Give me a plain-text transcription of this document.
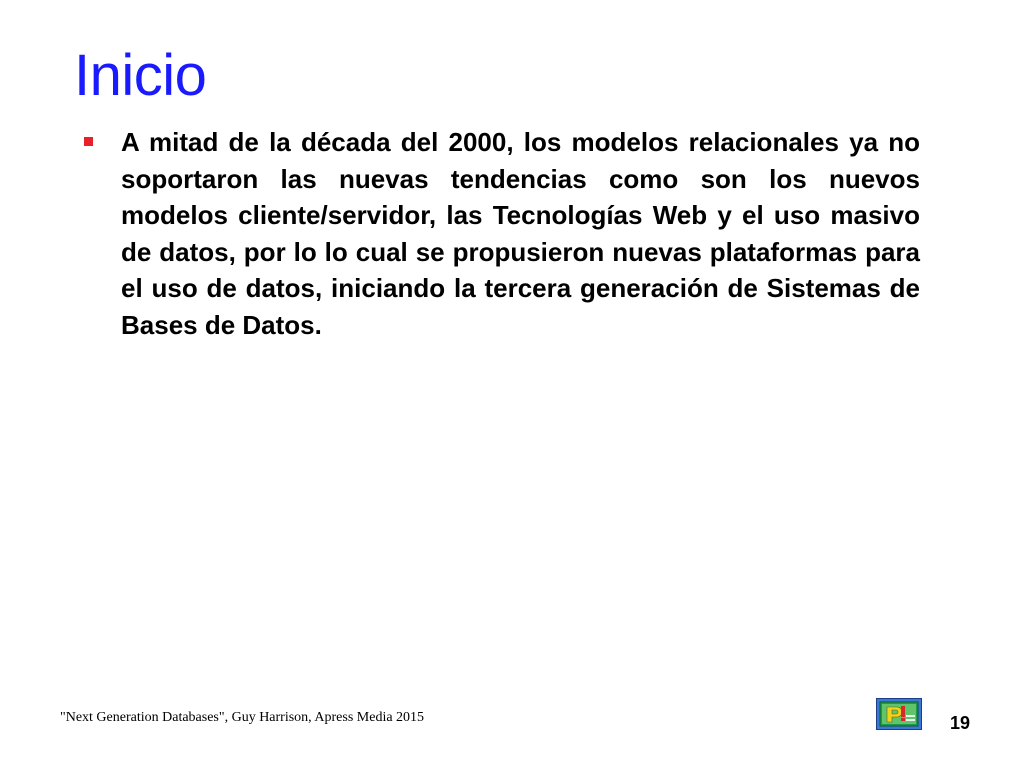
Inicio
A mitad de la década del 2000, los modelos relacionales ya no soportaron las nuevas tendencias como son los nuevos modelos cliente/servidor, las Tecnologías Web y el uso masivo de datos, por lo lo cual se propusieron nuevas plataformas para el uso de datos, iniciando la tercera generación de Sistemas de Bases de Datos.
"Next Generation Databases", Guy Harrison, Apress Media 2015	19
